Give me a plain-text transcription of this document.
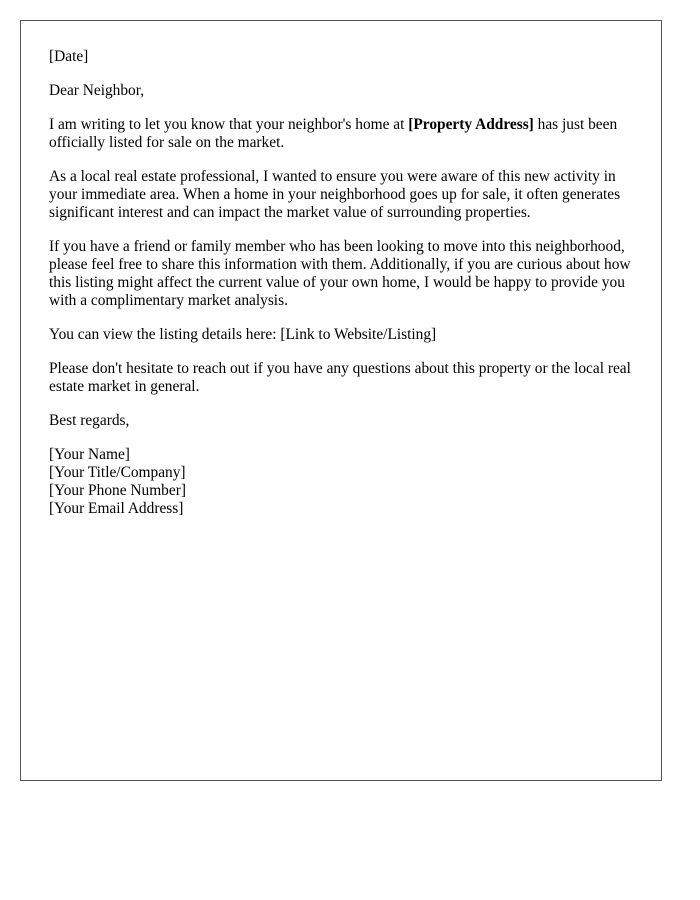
[Date]

Dear Neighbor,

I am writing to let you know that your neighbor's home at [Property Address] has just been officially listed for sale on the market.

As a local real estate professional, I wanted to ensure you were aware of this new activity in your immediate area. When a home in your neighborhood goes up for sale, it often generates significant interest and can impact the market value of surrounding properties.

If you have a friend or family member who has been looking to move into this neighborhood, please feel free to share this information with them. Additionally, if you are curious about how this listing might affect the current value of your own home, I would be happy to provide you with a complimentary market analysis.

You can view the listing details here: [Link to Website/Listing]

Please don't hesitate to reach out if you have any questions about this property or the local real estate market in general.

Best regards,

[Your Name]

[Your Title/Company]

[Your Phone Number]

[Your Email Address]
